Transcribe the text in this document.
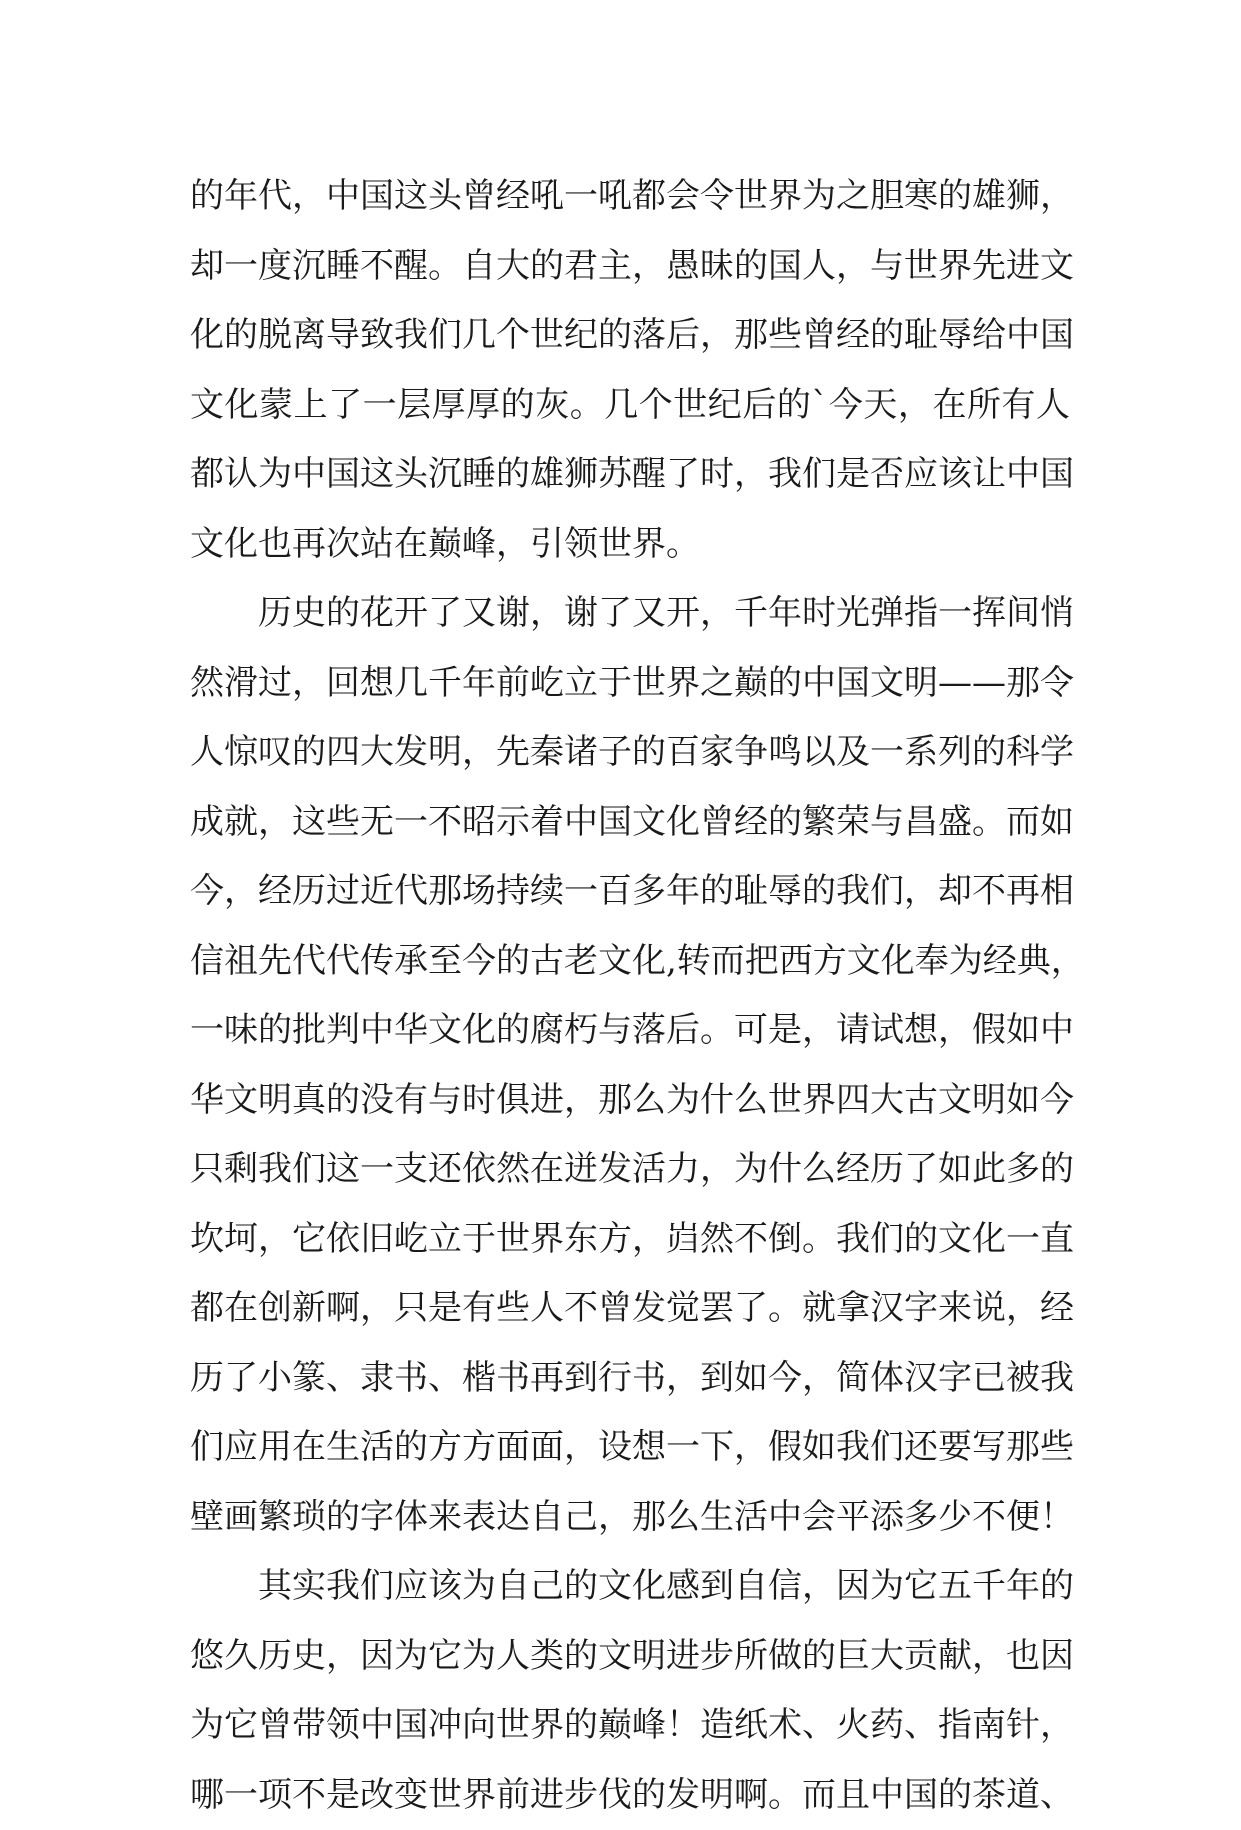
的年代，中国这头曾经吼一吼都会令世界为之胆寒的雄狮，
却一度沉睡不醒。自大的君主，愚昧的国人，与世界先进文
化的脱离导致我们几个世纪的落后，那些曾经的耻辱给中国
文化蒙上了一层厚厚的灰。几个世纪后的`今天，在所有人
都认为中国这头沉睡的雄狮苏醒了时，我们是否应该让中国
文化也再次站在巅峰，引领世界。
历史的花开了又谢，谢了又开，千年时光弹指一挥间悄
然滑过，回想几千年前屹立于世界之巅的中国文明——那令
人惊叹的四大发明，先秦诸子的百家争鸣以及一系列的科学
成就，这些无一不昭示着中国文化曾经的繁荣与昌盛。而如
今，经历过近代那场持续一百多年的耻辱的我们，却不再相
信祖先代代传承至今的古老文化,转而把西方文化奉为经典，
一味的批判中华文化的腐朽与落后。可是，请试想，假如中
华文明真的没有与时俱进，那么为什么世界四大古文明如今
只剩我们这一支还依然在迸发活力，为什么经历了如此多的
坎坷，它依旧屹立于世界东方，岿然不倒。我们的文化一直
都在创新啊，只是有些人不曾发觉罢了。就拿汉字来说，经
历了小篆、隶书、楷书再到行书，到如今，简体汉字已被我
们应用在生活的方方面面，设想一下，假如我们还要写那些
壁画繁琐的字体来表达自己，那么生活中会平添多少不便！
其实我们应该为自己的文化感到自信，因为它五千年的
悠久历史，因为它为人类的文明进步所做的巨大贡献，也因
为它曾带领中国冲向世界的巅峰！造纸术、火药、指南针，
哪一项不是改变世界前进步伐的发明啊。而且中国的茶道、
